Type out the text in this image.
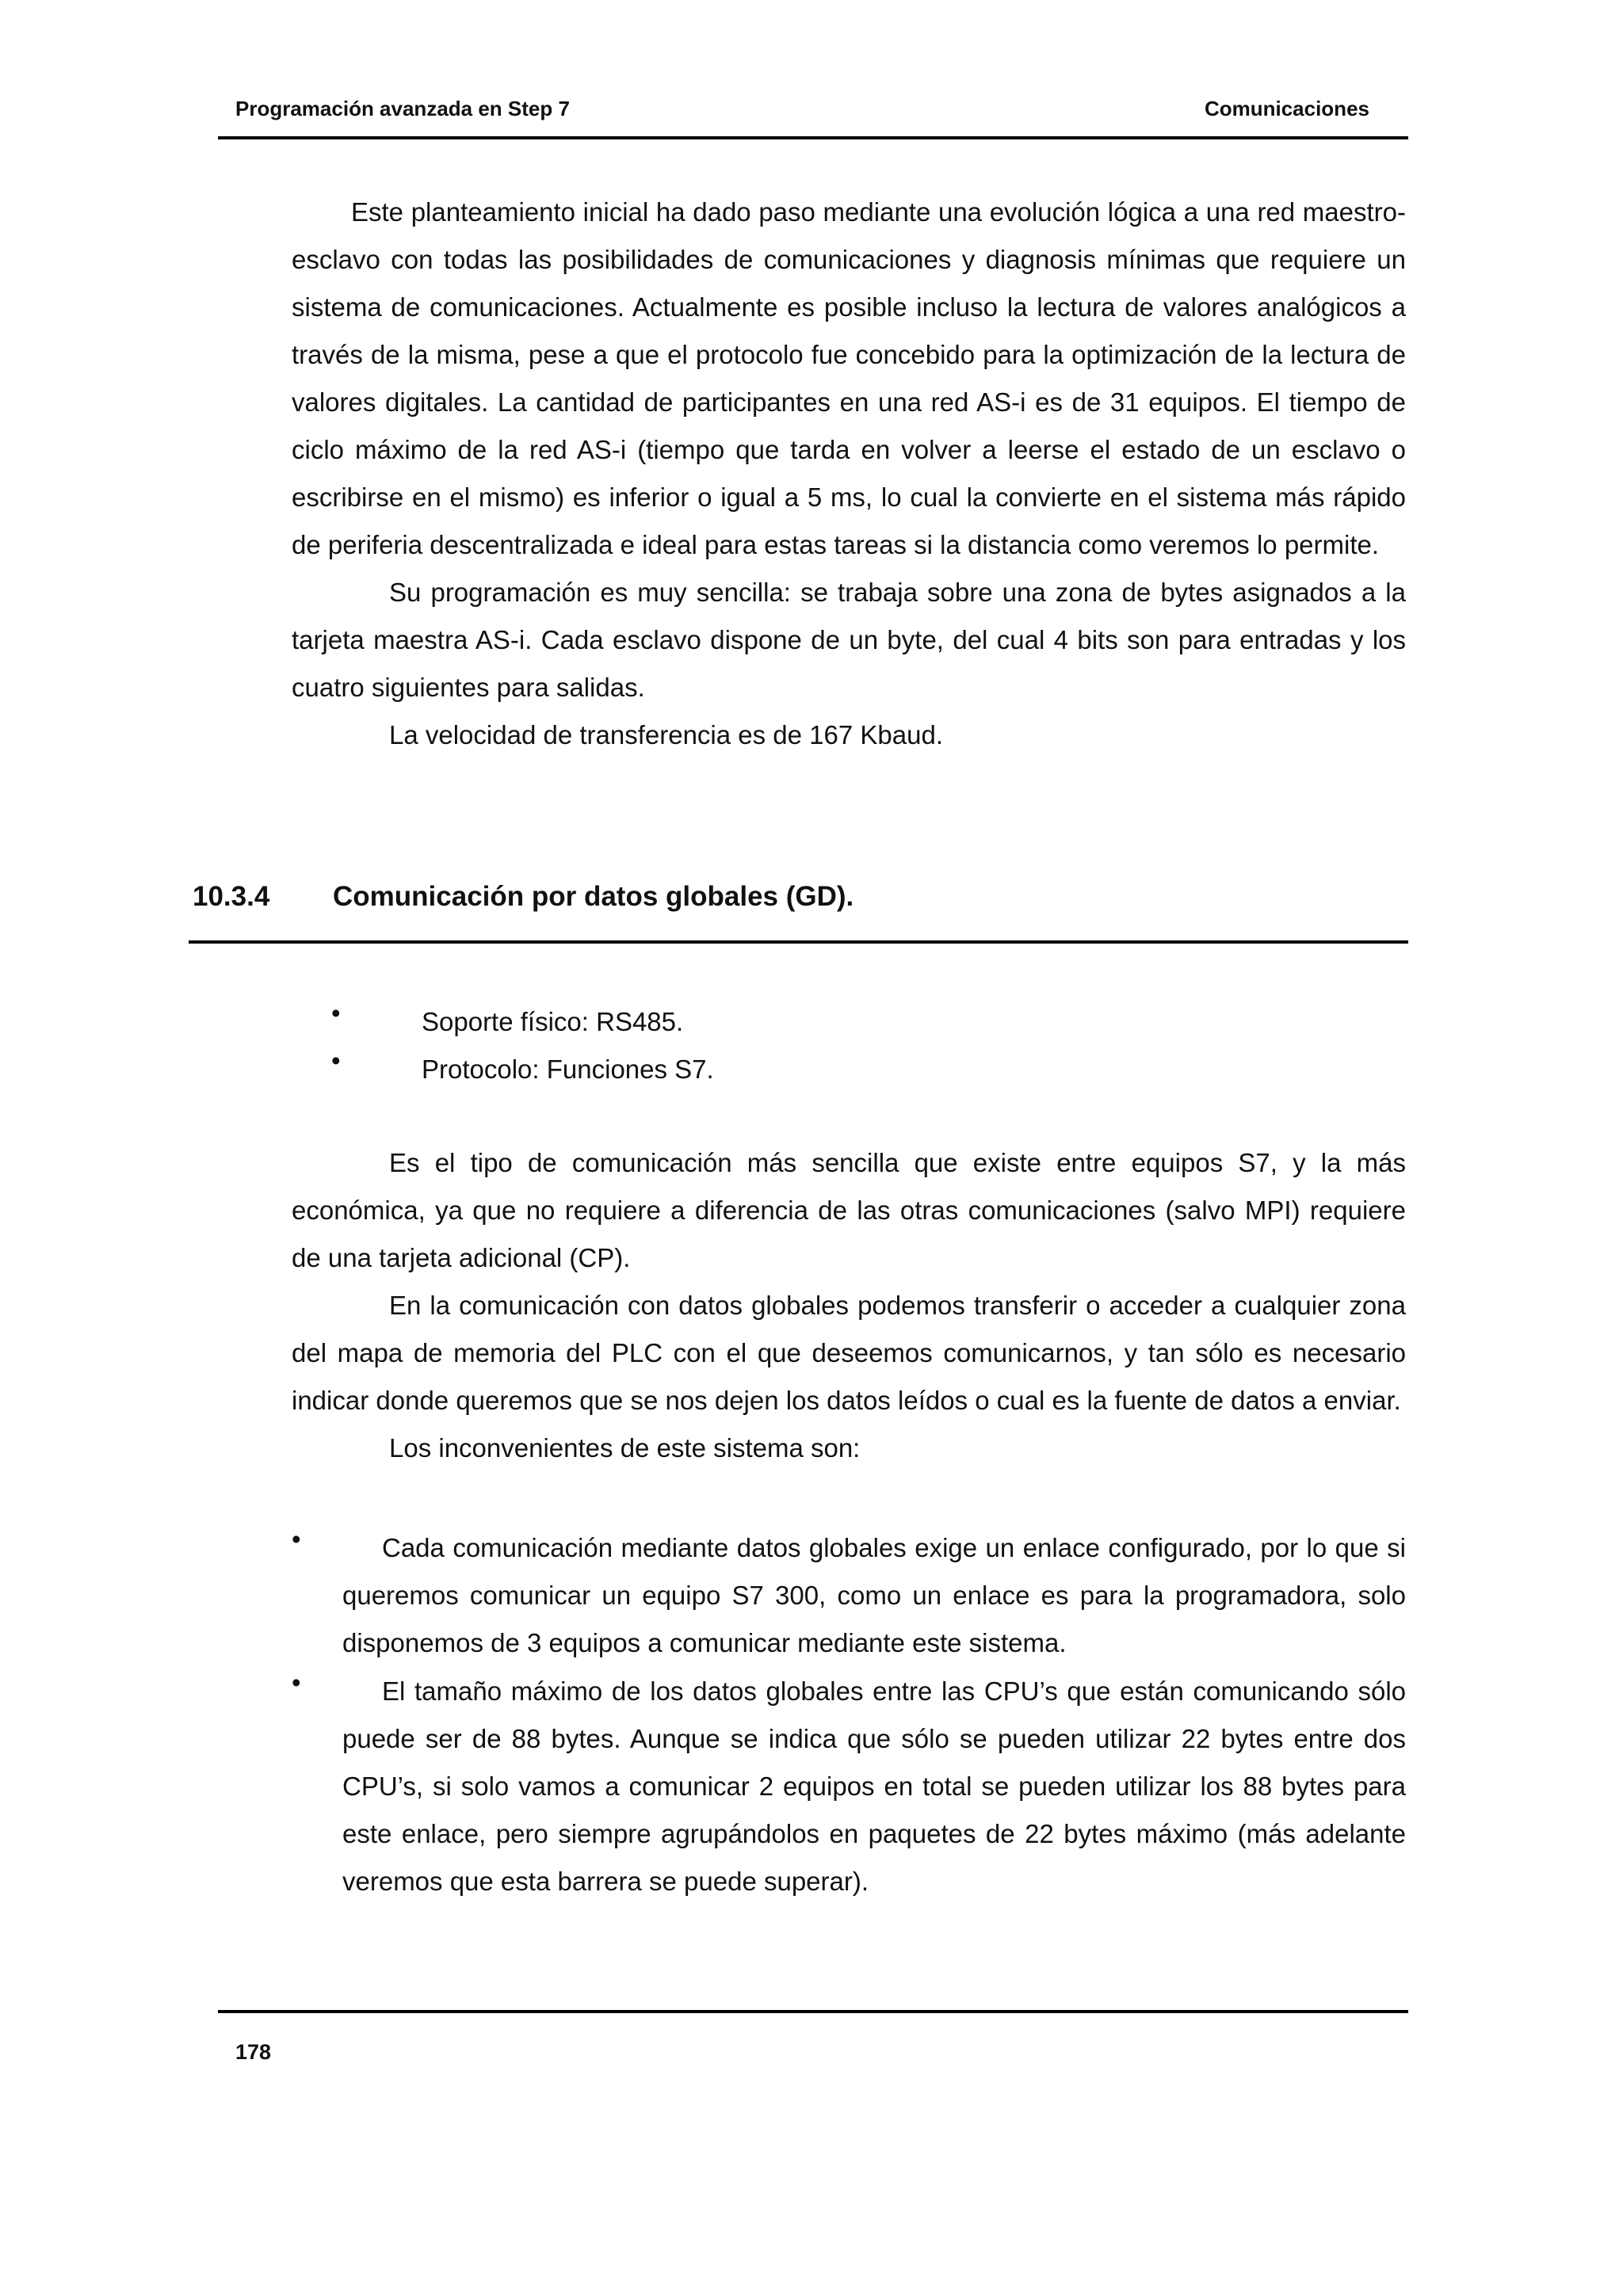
Programación avanzada en Step 7	Comunicaciones

Este planteamiento inicial ha dado paso mediante una evolución lógica a una red maestro-esclavo con todas las posibilidades de comunicaciones y diagnosis mínimas que requiere un sistema de comunicaciones. Actualmente es posible incluso la lectura de valores analógicos a través de la misma, pese a que el protocolo fue concebido para la optimización de la lectura de valores digitales. La cantidad de participantes en una red AS-i es de 31 equipos. El tiempo de ciclo máximo de la red AS-i (tiempo que tarda en volver a leerse el estado de un esclavo o escribirse en el mismo) es inferior o igual a 5 ms, lo cual la convierte en el sistema más rápido de periferia descentralizada e ideal para estas tareas si la distancia como veremos lo permite.

Su programación es muy sencilla: se trabaja sobre una zona de bytes asignados a la tarjeta maestra AS-i. Cada esclavo dispone de un byte, del cual 4 bits son para entradas y los cuatro siguientes para salidas.

La velocidad de transferencia es de 167 Kbaud.

10.3.4 Comunicación por datos globales (GD).
•	Soporte físico: RS485.
•	Protocolo: Funciones S7.

Es el tipo de comunicación más sencilla que existe entre equipos S7, y la más económica, ya que no requiere a diferencia de las otras comunicaciones (salvo MPI) requiere de una tarjeta adicional (CP).

En la comunicación con datos globales podemos transferir o acceder a cualquier zona del mapa de memoria del PLC con el que deseemos comunicarnos, y tan sólo es necesario indicar donde queremos que se nos dejen los datos leídos o cual es la fuente de datos a enviar.

Los inconvenientes de este sistema son:

•	Cada comunicación mediante datos globales exige un enlace configurado, por lo que si queremos comunicar un equipo S7 300, como un enlace es para la programadora, solo disponemos de 3 equipos a comunicar mediante este sistema.

•	El tamaño máximo de los datos globales entre las CPU’s que están comunicando sólo puede ser de 88 bytes. Aunque se indica que sólo se pueden utilizar 22 bytes entre dos CPU’s, si solo vamos a comunicar 2 equipos en total se pueden utilizar los 88 bytes para este enlace, pero siempre agrupándolos en paquetes de 22 bytes máximo (más adelante veremos que esta barrera se puede superar).

178
